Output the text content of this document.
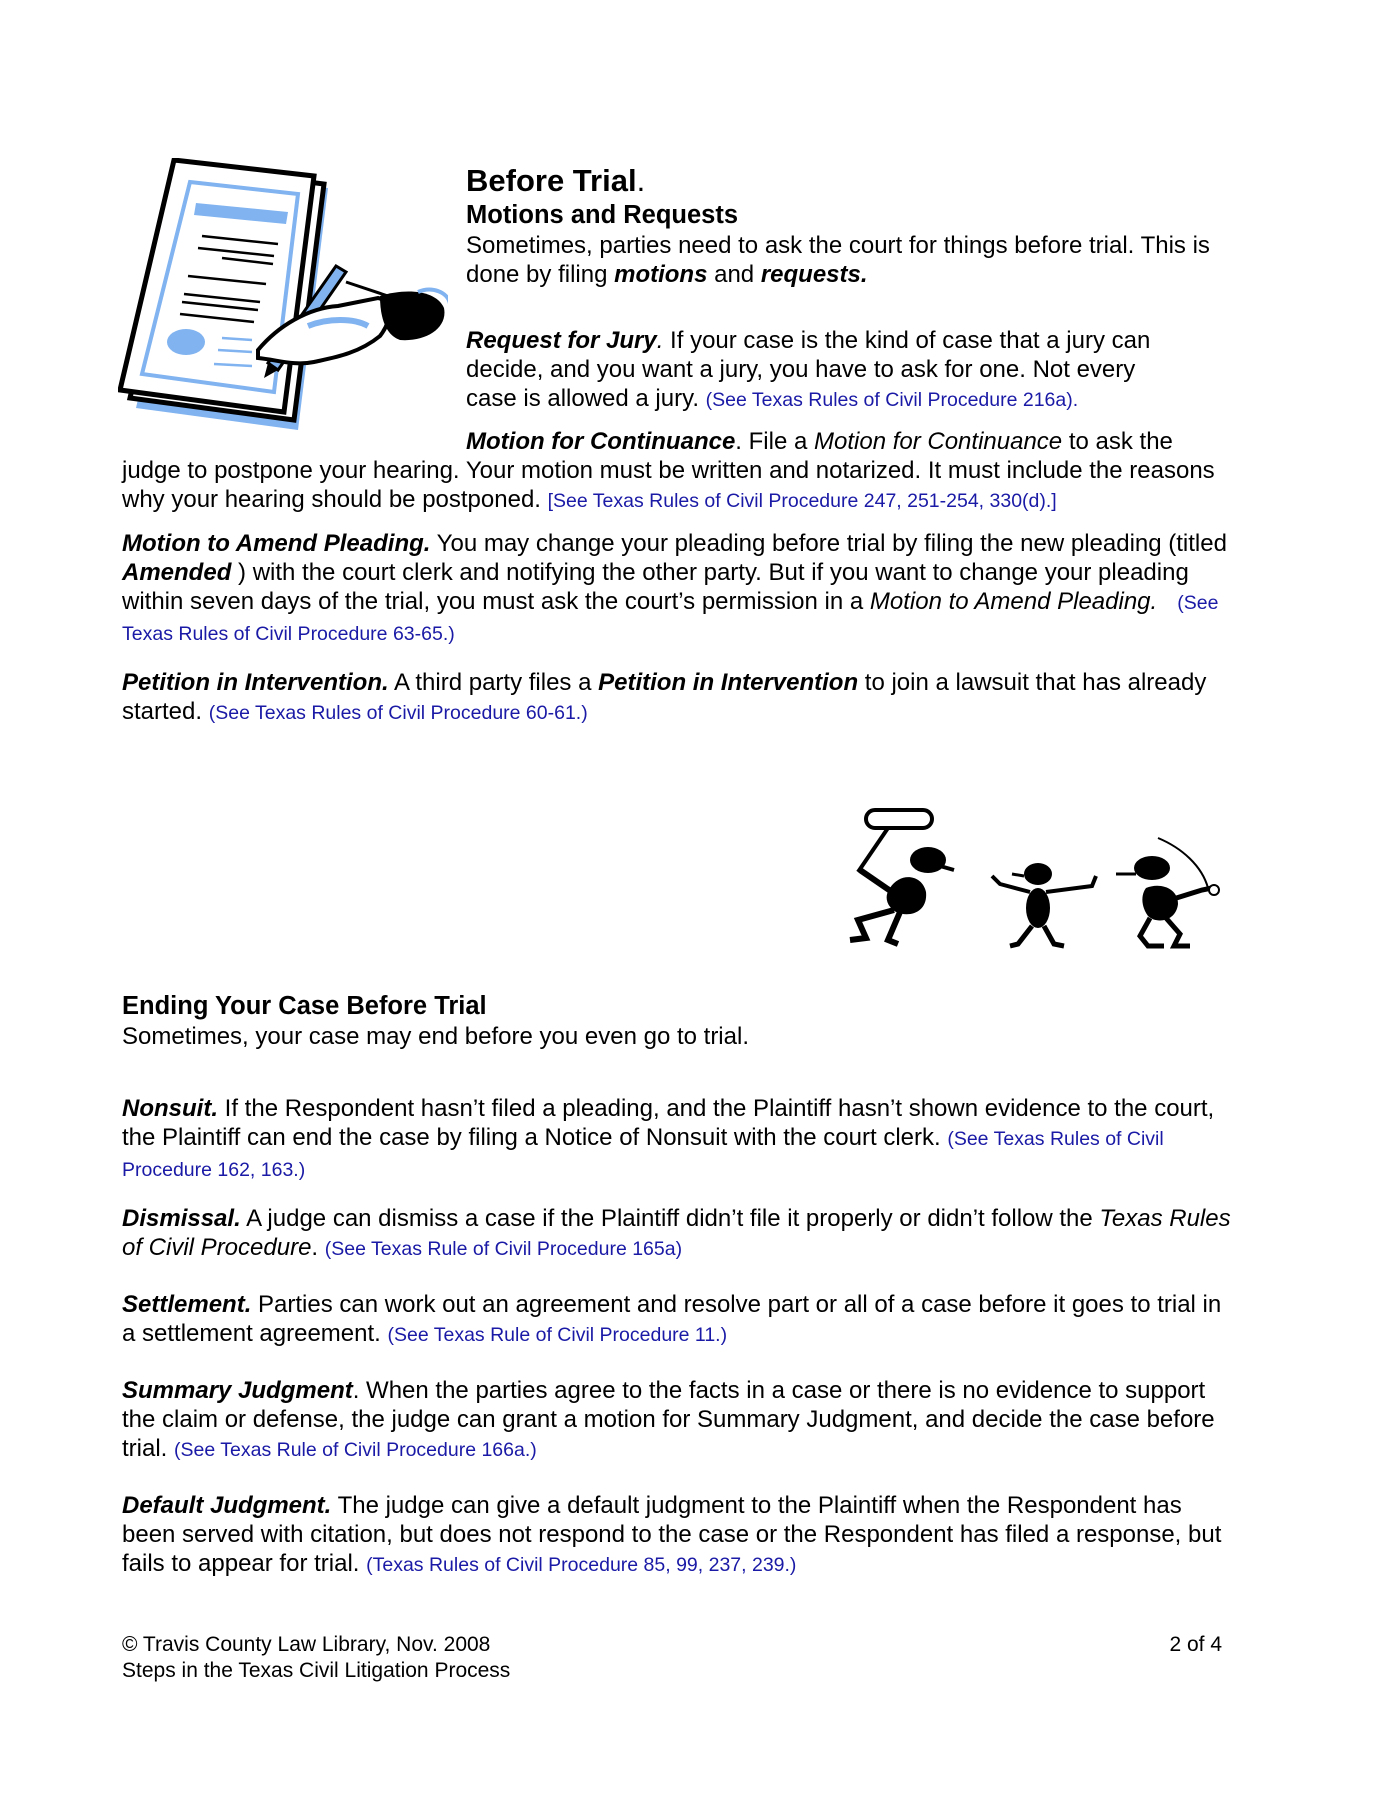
Before Trial.
Motions and Requests

Sometimes, parties need to ask the court for things before trial. This is done by filing motions and requests.

Request for Jury. If your case is the kind of case that a jury can decide, and you want a jury, you have to ask for one. Not every case is allowed a jury. (See Texas Rules of Civil Procedure 216a).

Motion for Continuance. File a Motion for Continuance to ask the

judge to postpone your hearing. Your motion must be written and notarized. It must include the reasons why your hearing should be postponed. [See Texas Rules of Civil Procedure 247, 251-254, 330(d).]

Motion to Amend Pleading. You may change your pleading before trial by filing the new pleading (titled Amended ) with the court clerk and notifying the other party. But if you want to change your pleading within seven days of the trial, you must ask the court’s permission in a Motion to Amend Pleading. (See Texas Rules of Civil Procedure 63-65.)

Petition in Intervention. A third party files a Petition in Intervention to join a lawsuit that has already started. (See Texas Rules of Civil Procedure 60-61.)

Ending Your Case Before Trial

Sometimes, your case may end before you even go to trial.

Nonsuit. If the Respondent hasn’t filed a pleading, and the Plaintiff hasn’t shown evidence to the court, the Plaintiff can end the case by filing a Notice of Nonsuit with the court clerk. (See Texas Rules of Civil Procedure 162, 163.)

Dismissal. A judge can dismiss a case if the Plaintiff didn’t file it properly or didn’t follow the Texas Rules of Civil Procedure. (See Texas Rule of Civil Procedure 165a)

Settlement. Parties can work out an agreement and resolve part or all of a case before it goes to trial in a settlement agreement. (See Texas Rule of Civil Procedure 11.)

Summary Judgment. When the parties agree to the facts in a case or there is no evidence to support the claim or defense, the judge can grant a motion for Summary Judgment, and decide the case before trial. (See Texas Rule of Civil Procedure 166a.)

Default Judgment. The judge can give a default judgment to the Plaintiff when the Respondent has been served with citation, but does not respond to the case or the Respondent has filed a response, but fails to appear for trial. (Texas Rules of Civil Procedure 85, 99, 237, 239.)

© Travis County Law Library, Nov. 2008
Steps in the Texas Civil Litigation Process
2 of 4
